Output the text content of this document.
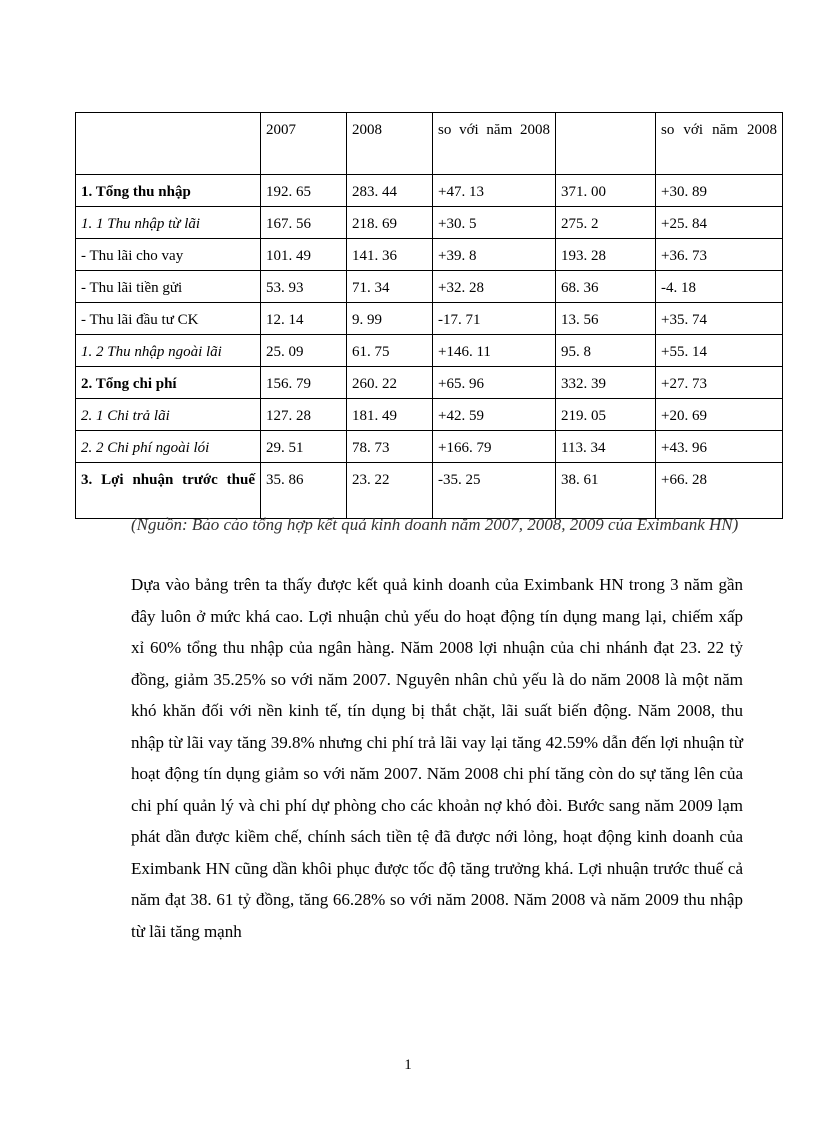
	2007	2008	so với năm 2008		so với năm 2008
1. Tổng thu nhập	192. 65	283. 44	+47. 13	371. 00	+30. 89
1. 1 Thu nhập từ lãi	167. 56	218. 69	+30. 5	275. 2	+25. 84
- Thu lãi cho vay	101. 49	141. 36	+39. 8	193. 28	+36. 73
- Thu lãi tiền gửi	53. 93	71. 34	+32. 28	68. 36	-4. 18
- Thu lãi đầu tư CK	12. 14	9. 99	-17. 71	13. 56	+35. 74
1. 2 Thu nhập ngoài lãi	25. 09	61. 75	+146. 11	95. 8	+55. 14
2. Tổng chi phí	156. 79	260. 22	+65. 96	332. 39	+27. 73
2. 1 Chi trả lãi	127. 28	181. 49	+42. 59	219. 05	+20. 69
2. 2 Chi phí ngoài lói	29. 51	78. 73	+166. 79	113. 34	+43. 96
3. Lợi nhuận trước thuế	35. 86	23. 22	-35. 25	38. 61	+66. 28

(Nguồn: Báo cáo tổng hợp kết quả kinh doanh năm 2007, 2008, 2009 của Eximbank HN)

Dựa vào bảng trên ta thấy được kết quả kinh doanh của Eximbank HN trong 3 năm gần đây luôn ở mức khá cao. Lợi nhuận chủ yếu do hoạt động tín dụng mang lại, chiếm xấp xỉ 60% tổng thu nhập của ngân hàng. Năm 2008 lợi nhuận của chi nhánh đạt 23. 22 tỷ đồng, giảm 35.25% so với năm 2007. Nguyên nhân chủ yếu là do năm 2008 là một năm khó khăn đối với nền kinh tế, tín dụng bị thắt chặt, lãi suất biến động. Năm 2008, thu nhập từ lãi vay tăng 39.8% nhưng chi phí trả lãi vay lại tăng 42.59% dẫn đến lợi nhuận từ hoạt động tín dụng giảm so với năm 2007. Năm 2008 chi phí tăng còn do sự tăng lên của chi phí quản lý và chi phí dự phòng cho các khoản nợ khó đòi. Bước sang năm 2009 lạm phát dần được kiềm chế, chính sách tiền tệ đã được nới lỏng, hoạt động kinh doanh của Eximbank HN cũng dần khôi phục được tốc độ tăng trưởng khá. Lợi nhuận trước thuế cả năm đạt 38. 61 tỷ đồng, tăng 66.28% so với năm 2008. Năm 2008 và năm 2009 thu nhập từ lãi tăng mạnh

1
